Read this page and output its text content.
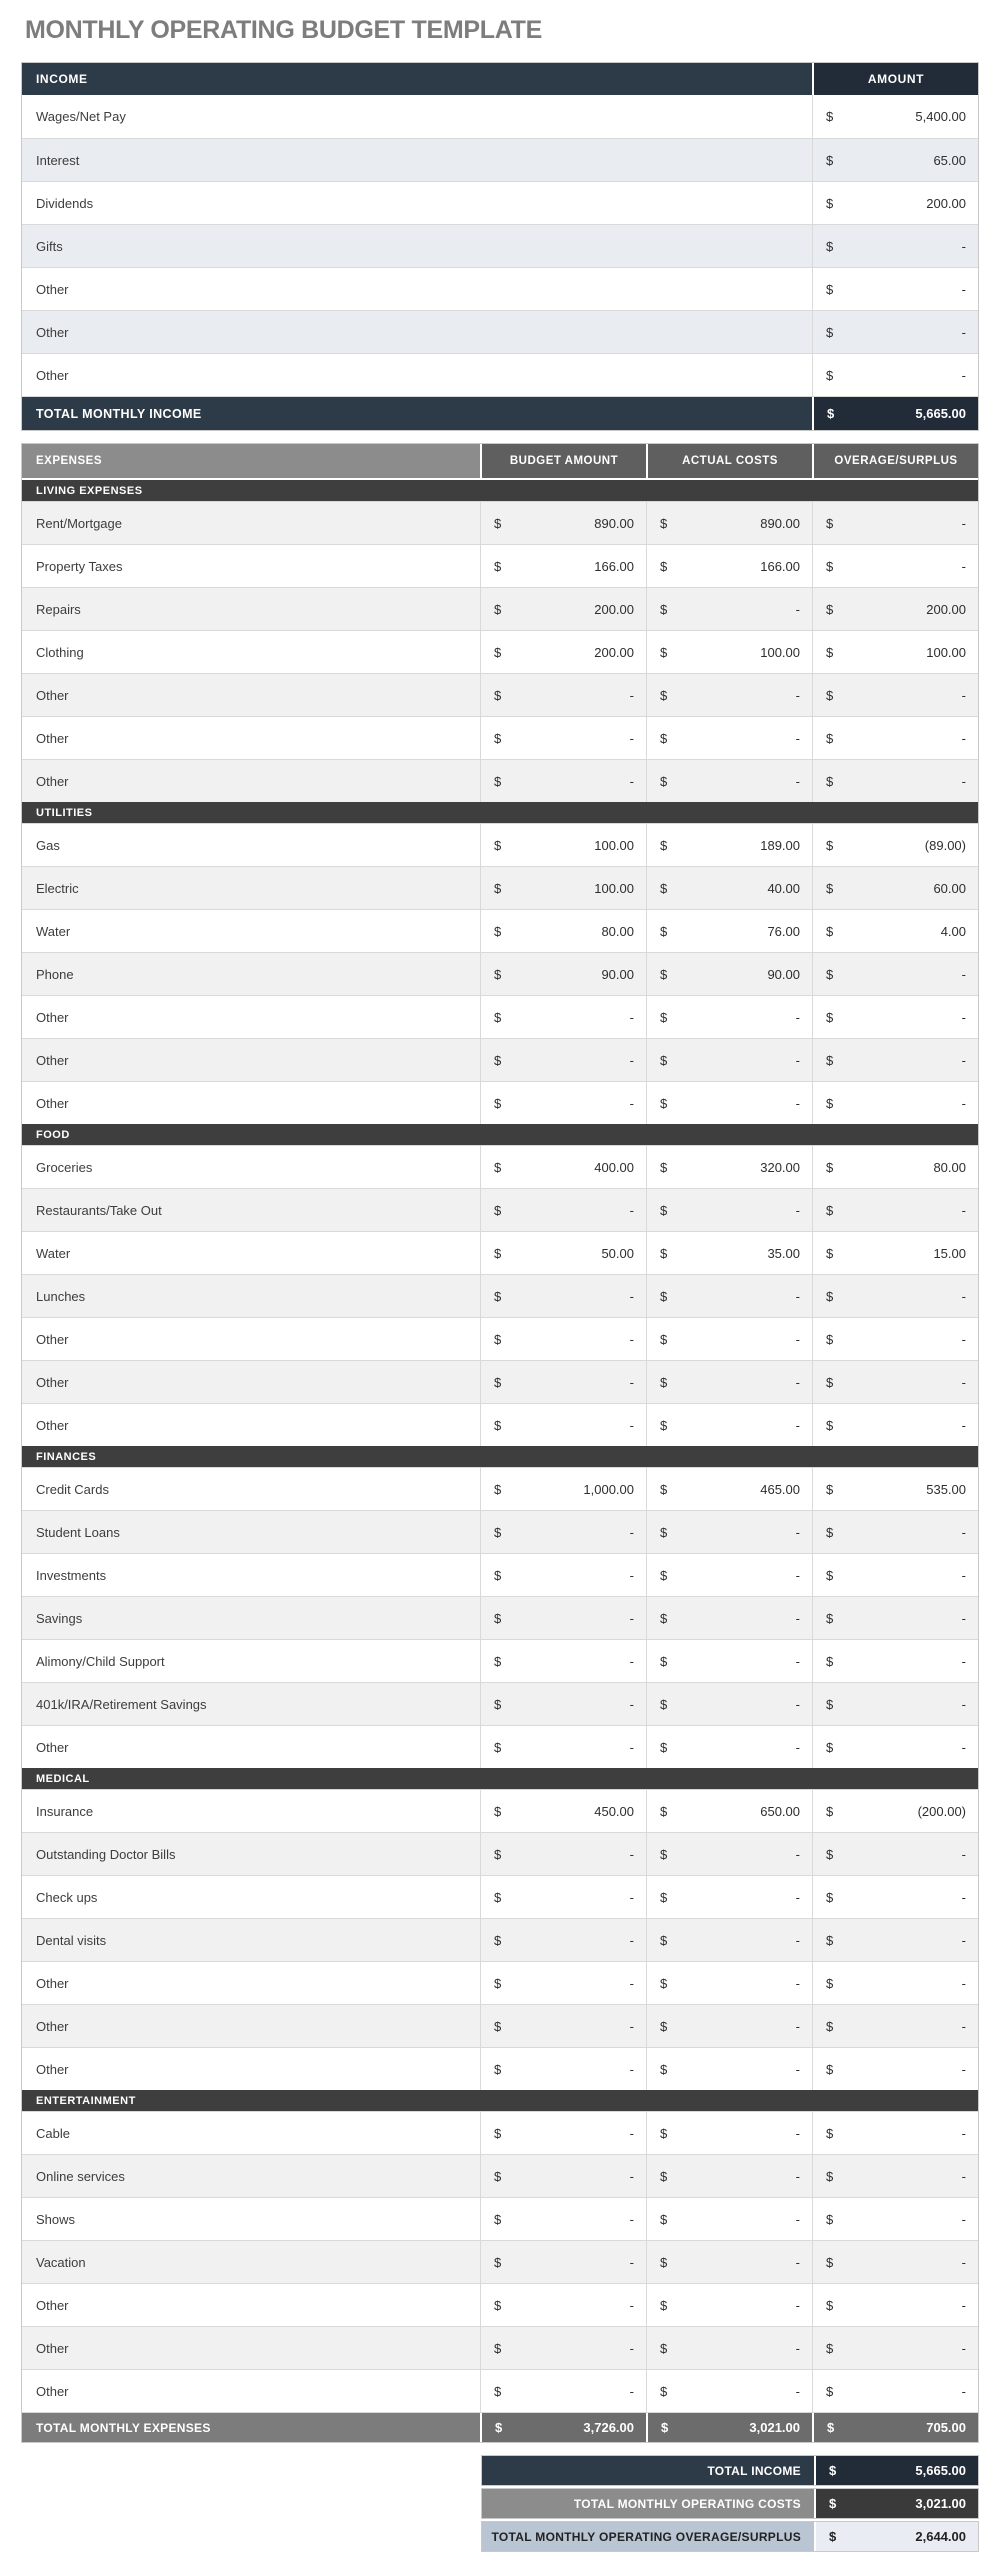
MONTHLY OPERATING BUDGET TEMPLATE
INCOME	AMOUNT
Wages/Net Pay	$	5,400.00
Interest	$	65.00
Dividends	$	200.00
Gifts	$	-
Other	$	-
Other	$	-
Other	$	-
TOTAL MONTHLY INCOME	$	5,665.00
EXPENSES	BUDGET AMOUNT	ACTUAL COSTS	OVERAGE/SURPLUS
LIVING EXPENSES
Rent/Mortgage	$	890.00 $	890.00 $	-
Property Taxes	$	166.00 $	166.00 $	-
Repairs	$	200.00 $	- $	200.00
Clothing	$	200.00 $	100.00 $	100.00
Other	$	- $	- $	-
Other	$	- $	- $	-
Other	$	- $	- $	-
UTILITIES
Gas	$	100.00 $	189.00 $	(89.00)
Electric	$	100.00 $	40.00 $	60.00
Water	$	80.00 $	76.00 $	4.00
Phone	$	90.00 $	90.00 $	-
Other	$	- $	- $	-
Other	$	- $	- $	-
Other	$	- $	- $	-
FOOD
Groceries	$	400.00 $	320.00 $	80.00
Restaurants/Take Out	$	- $	- $	-
Water	$	50.00 $	35.00 $	15.00
Lunches	$	- $	- $	-
Other	$	- $	- $	-
Other	$	- $	- $	-
Other	$	- $	- $	-
FINANCES
Credit Cards	$	1,000.00 $	465.00 $	535.00
Student Loans	$	- $	- $	-
Investments	$	- $	- $	-
Savings	$	- $	- $	-
Alimony/Child Support	$	- $	- $	-
401k/IRA/Retirement Savings	$	- $	- $	-
Other	$	- $	- $	-
MEDICAL
Insurance	$	450.00 $	650.00 $	(200.00)
Outstanding Doctor Bills	$	- $	- $	-
Check ups	$	- $	- $	-
Dental visits	$	- $	- $	-
Other	$	- $	- $	-
Other	$	- $	- $	-
Other	$	- $	- $	-
ENTERTAINMENT
Cable	$	- $	- $	-
Online services	$	- $	- $	-
Shows	$	- $	- $	-
Vacation	$	- $	- $	-
Other	$	- $	- $	-
Other	$	- $	- $	-
Other	$	- $	- $	-
TOTAL MONTHLY EXPENSES	$	3,726.00 $	3,021.00 $	705.00
TOTAL INCOME	$	5,665.00
TOTAL MONTHLY OPERATING COSTS	$	3,021.00
TOTAL MONTHLY OPERATING OVERAGE/SURPLUS	$	2,644.00
